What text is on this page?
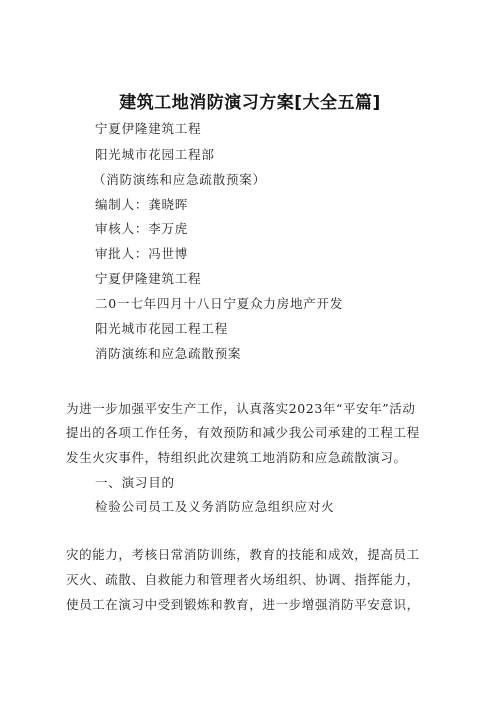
建筑工地消防演习方案[大全五篇]
宁夏伊隆建筑工程
阳光城市花园工程部
（消防演练和应急疏散预案）
编制人：龚晓晖
审核人：李万虎
审批人：冯世博
宁夏伊隆建筑工程
二0一七年四月十八日宁夏众力房地产开发
阳光城市花园工程工程
消防演练和应急疏散预案
为进一步加强平安生产工作，认真落实2023年“平安年”活动
提出的各项工作任务，有效预防和减少我公司承建的工程工程
发生火灾事件，特组织此次建筑工地消防和应急疏散演习。
一、演习目的
检验公司员工及义务消防应急组织应对火
灾的能力，考核日常消防训练，教育的技能和成效，提高员工
灭火、疏散、自救能力和管理者火场组织、协调、指挥能力，
使员工在演习中受到锻炼和教育，进一步增强消防平安意识，
